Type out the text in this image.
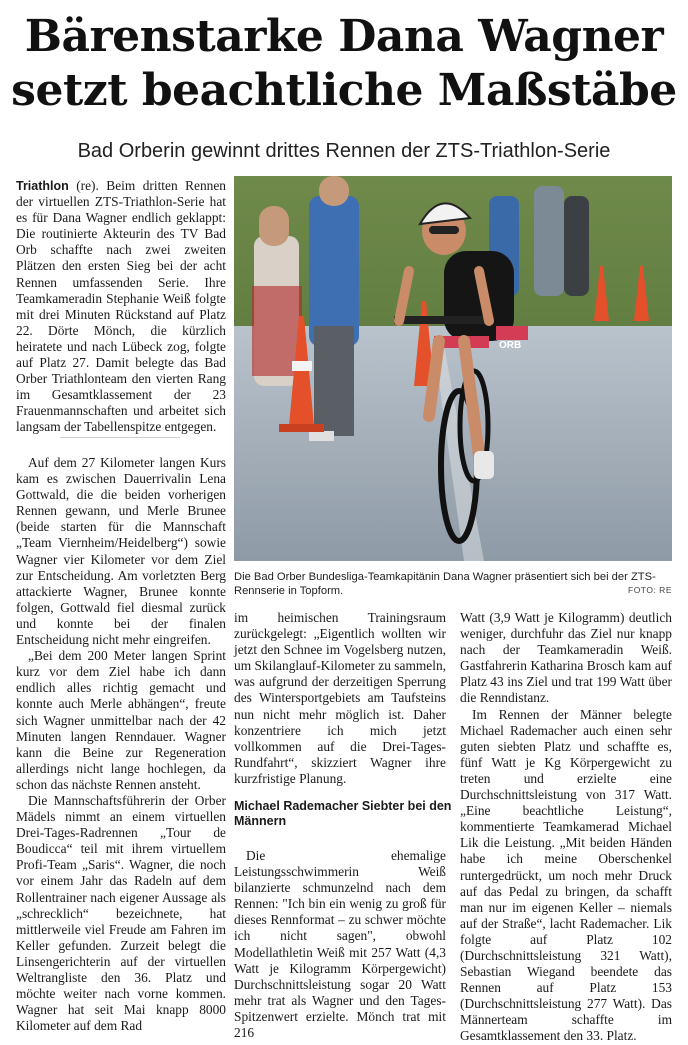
Bärenstarke Dana Wagner
setzt beachtliche Maßstäbe
Bad Orberin gewinnt drittes Rennen der ZTS-Triathlon-Serie

Triathlon (re). Beim dritten Rennen der virtuellen ZTS-Triathlon-Serie hat es für Dana Wagner endlich geklappt: Die routinierte Akteurin des TV Bad Orb schaffte nach zwei zweiten Plätzen den ersten Sieg bei der acht Rennen umfassenden Serie. Ihre Teamkameradin Stephanie Weiß folgte mit drei Minuten Rückstand auf Platz 22. Dörte Mönch, die kürzlich heiratete und nach Lübeck zog, folgte auf Platz 27. Damit belegte das Bad Orber Triathlonteam den vierten Rang im Gesamtklassement der 23 Frauenmannschaften und arbeitet sich langsam der Tabellenspitze entgegen.

Auf dem 27 Kilometer langen Kurs kam es zwischen Dauerrivalin Lena Gottwald, die die beiden vorherigen Rennen gewann, und Merle Brunee (beide starten für die Mannschaft „Team Viernheim/Heidelberg“) sowie Wagner vier Kilometer vor dem Ziel zur Entscheidung. Am vorletzten Berg attackierte Wagner, Brunee konnte folgen, Gottwald fiel diesmal zurück und konnte bei der finalen Entscheidung nicht mehr eingreifen.

„Bei dem 200 Meter langen Sprint kurz vor dem Ziel habe ich dann endlich alles richtig gemacht und konnte auch Merle abhängen“, freute sich Wagner unmittelbar nach der 42 Minuten langen Renndauer. Wagner kann die Beine zur Regeneration allerdings nicht lange hochlegen, da schon das nächste Rennen ansteht.

Die Mannschaftsführerin der Orber Mädels nimmt an einem virtuellen Drei-Tages-Radrennen „Tour de Boudicca“ teil mit ihrem virtuellem Profi-Team „Saris“. Wagner, die noch vor einem Jahr das Radeln auf dem Rollentrainer nach eigener Aussage als „schrecklich“ bezeichnete, hat mittlerweile viel Freude am Fahren im Keller gefunden. Zurzeit belegt die Linsengerichterin auf der virtuellen Weltrangliste den 36. Platz und möchte weiter nach vorne kommen. Wagner hat seit Mai knapp 8000 Kilometer auf dem Rad

ORB
Die Bad Orber Bundesliga-Teamkapitänin Dana Wagner präsentiert sich bei der ZTS-Rennserie in Topform.	FOTO: RE

im heimischen Trainingsraum zurückgelegt: „Eigentlich wollten wir jetzt den Schnee im Vogelsberg nutzen, um Skilanglauf-Kilometer zu sammeln, was aufgrund der derzeitigen Sperrung des Wintersportgebiets am Taufsteins nun nicht mehr möglich ist. Daher konzentriere ich mich jetzt vollkommen auf die Drei-Tages-Rundfahrt“, skizziert Wagner ihre kurzfristige Planung.

Michael Rademacher Siebter bei den Männern

Die ehemalige Leistungsschwimmerin Weiß bilanzierte schmunzelnd nach dem Rennen: "Ich bin ein wenig zu groß für dieses Rennformat – zu schwer möchte ich nicht sagen", obwohl Modellathletin Weiß mit 257 Watt (4,3 Watt je Kilogramm Körpergewicht) Durchschnittsleistung sogar 20 Watt mehr trat als Wagner und den Tages-Spitzenwert erzielte. Mönch trat mit 216

Watt (3,9 Watt je Kilogramm) deutlich weniger, durchfuhr das Ziel nur knapp nach der Teamkameradin Weiß. Gastfahrerin Katharina Brosch kam auf Platz 43 ins Ziel und trat 199 Watt über die Renndistanz.

Im Rennen der Männer belegte Michael Rademacher auch einen sehr guten siebten Platz und schaffte es, fünf Watt je Kg Körpergewicht zu treten und erzielte eine Durchschnittsleistung von 317 Watt. „Eine beachtliche Leistung“, kommentierte Teamkamerad Michael Lik die Leistung. „Mit beiden Händen habe ich meine Oberschenkel runtergedrückt, um noch mehr Druck auf das Pedal zu bringen, da schafft man nur im eigenen Keller – niemals auf der Straße“, lacht Rademacher. Lik folgte auf Platz 102 (Durchschnittsleistung 321 Watt), Sebastian Wiegand beendete das Rennen auf Platz 153 (Durchschnittsleistung 277 Watt). Das Männerteam schaffte im Gesamtklassement den 33. Platz.
